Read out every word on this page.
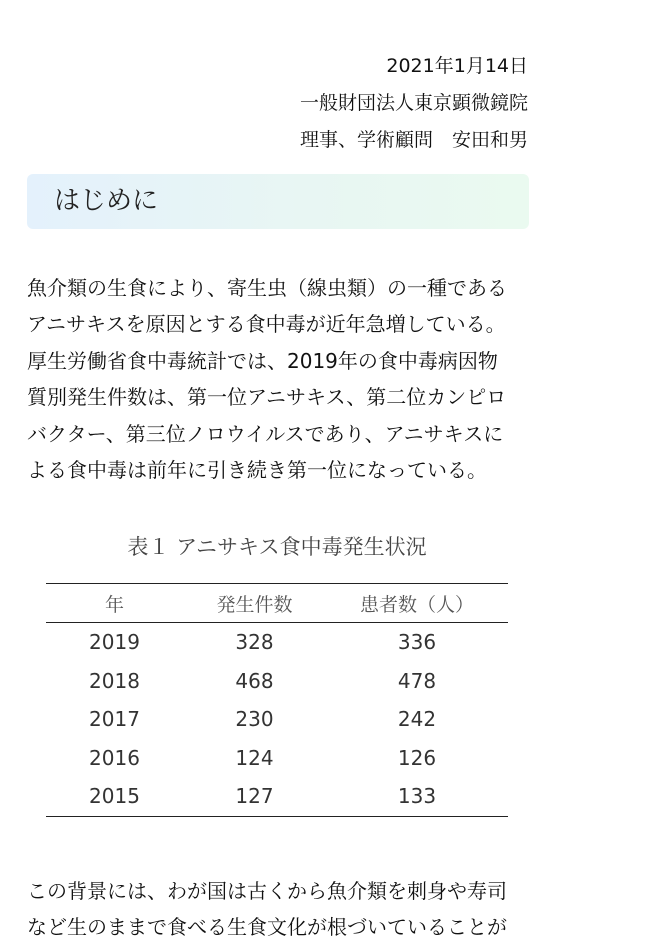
2021年1月14日
一般財団法人東京顕微鏡院
理事、学術顧問　安田和男
はじめに
魚介類の生食により、寄生虫（線虫類）の一種である
アニサキスを原因とする食中毒が近年急増している。
厚生労働省食中毒統計では、2019年の食中毒病因物
質別発生件数は、第一位アニサキス、第二位カンピロ
バクター、第三位ノロウイルスであり、アニサキスに
よる食中毒は前年に引き続き第一位になっている。
表１ アニサキス食中毒発生状況
年	発生件数	患者数（人）
2019	328	336
2018	468	478
2017	230	242
2016	124	126
2015	127	133
この背景には、わが国は古くから魚介類を刺身や寿司
など生のままで食べる生食文化が根づいていることが
